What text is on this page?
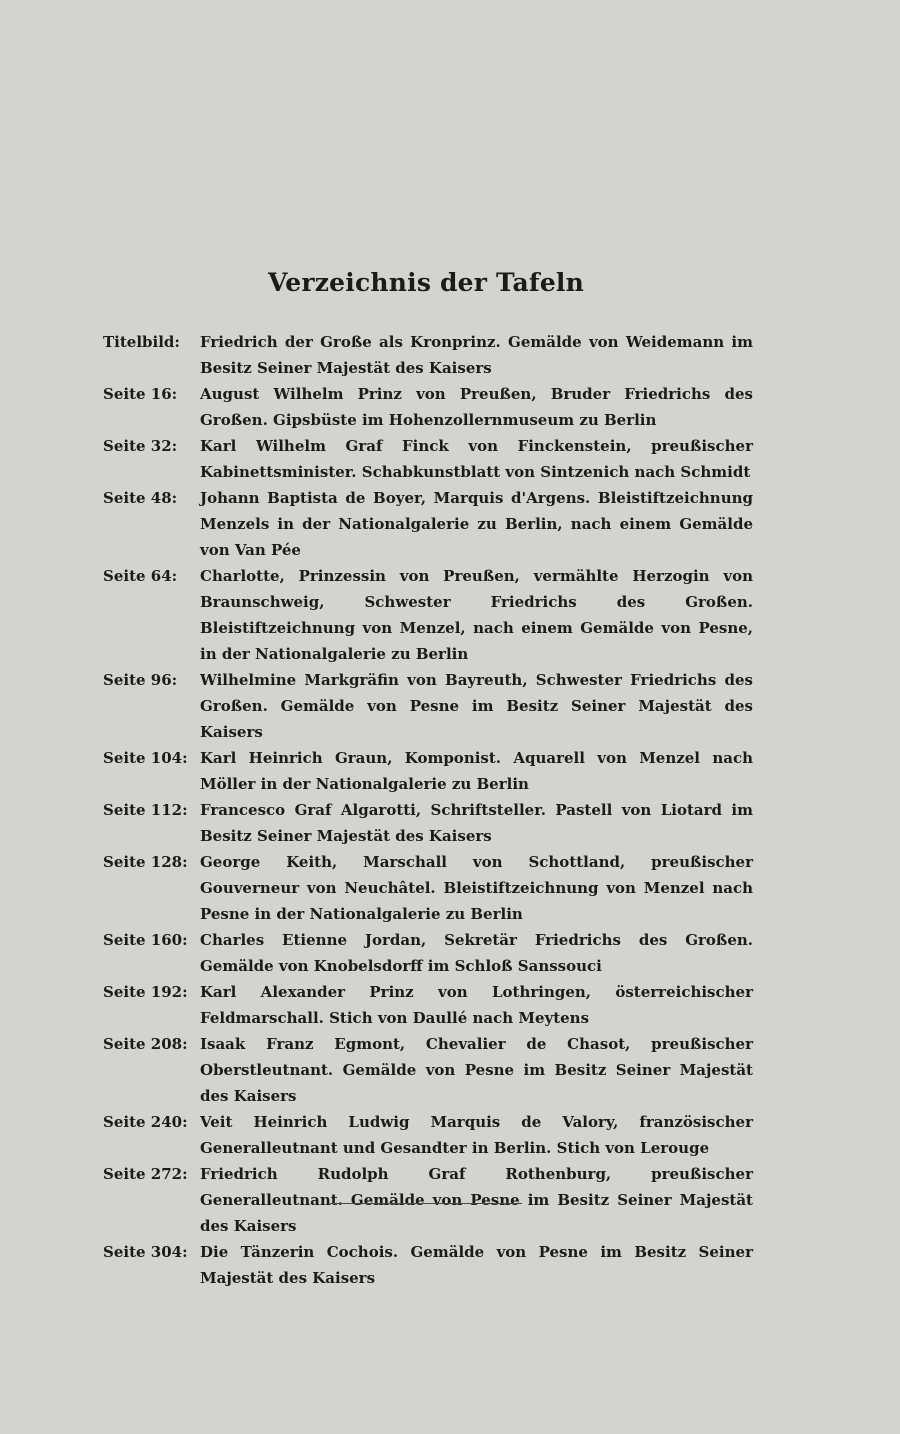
Verzeichnis der Tafeln
Titelbild:	Friedrich der Große als Kronprinz. Gemälde von Weidemann im Besitz Seiner Majestät des Kaisers
Seite 16:	August Wilhelm Prinz von Preußen, Bruder Friedrichs des Großen. Gipsbüste im Hohenzollernmuseum zu Berlin
Seite 32:	Karl Wilhelm Graf Finck von Finckenstein, preußischer Kabinettsminister. Schabkunstblatt von Sintzenich nach Schmidt
Seite 48:	Johann Baptista de Boyer, Marquis d'Argens. Bleistiftzeichnung Menzels in der Nationalgalerie zu Berlin, nach einem Gemälde von Van Pée
Seite 64:	Charlotte, Prinzessin von Preußen, vermählte Herzogin von Braunschweig, Schwester Friedrichs des Großen. Bleistiftzeichnung von Menzel, nach einem Gemälde von Pesne, in der Nationalgalerie zu Berlin
Seite 96:	Wilhelmine Markgräfin von Bayreuth, Schwester Friedrichs des Großen. Gemälde von Pesne im Besitz Seiner Majestät des Kaisers
Seite 104: Karl Heinrich Graun, Komponist. Aquarell von Menzel nach Möller in der Nationalgalerie zu Berlin
Seite 112: Francesco Graf Algarotti, Schriftsteller. Pastell von Liotard im Besitz Seiner Majestät des Kaisers
Seite 128: George Keith, Marschall von Schottland, preußischer Gouverneur von Neuchâtel. Bleistiftzeichnung von Menzel nach Pesne in der Nationalgalerie zu Berlin
Seite 160: Charles Etienne Jordan, Sekretär Friedrichs des Großen. Gemälde von Knobelsdorff im Schloß Sanssouci
Seite 192: Karl Alexander Prinz von Lothringen, österreichischer Feldmarschall. Stich von Daullé nach Meytens
Seite 208: Isaak Franz Egmont, Chevalier de Chasot, preußischer Oberstleutnant. Gemälde von Pesne im Besitz Seiner Majestät des Kaisers
Seite 240: Veit Heinrich Ludwig Marquis de Valory, französischer Generalleutnant und Gesandter in Berlin. Stich von Lerouge
Seite 272: Friedrich Rudolph Graf Rothenburg, preußischer Generalleutnant. Gemälde von Pesne im Besitz Seiner Majestät des Kaisers
Seite 304: Die Tänzerin Cochois. Gemälde von Pesne im Besitz Seiner Majestät des Kaisers
